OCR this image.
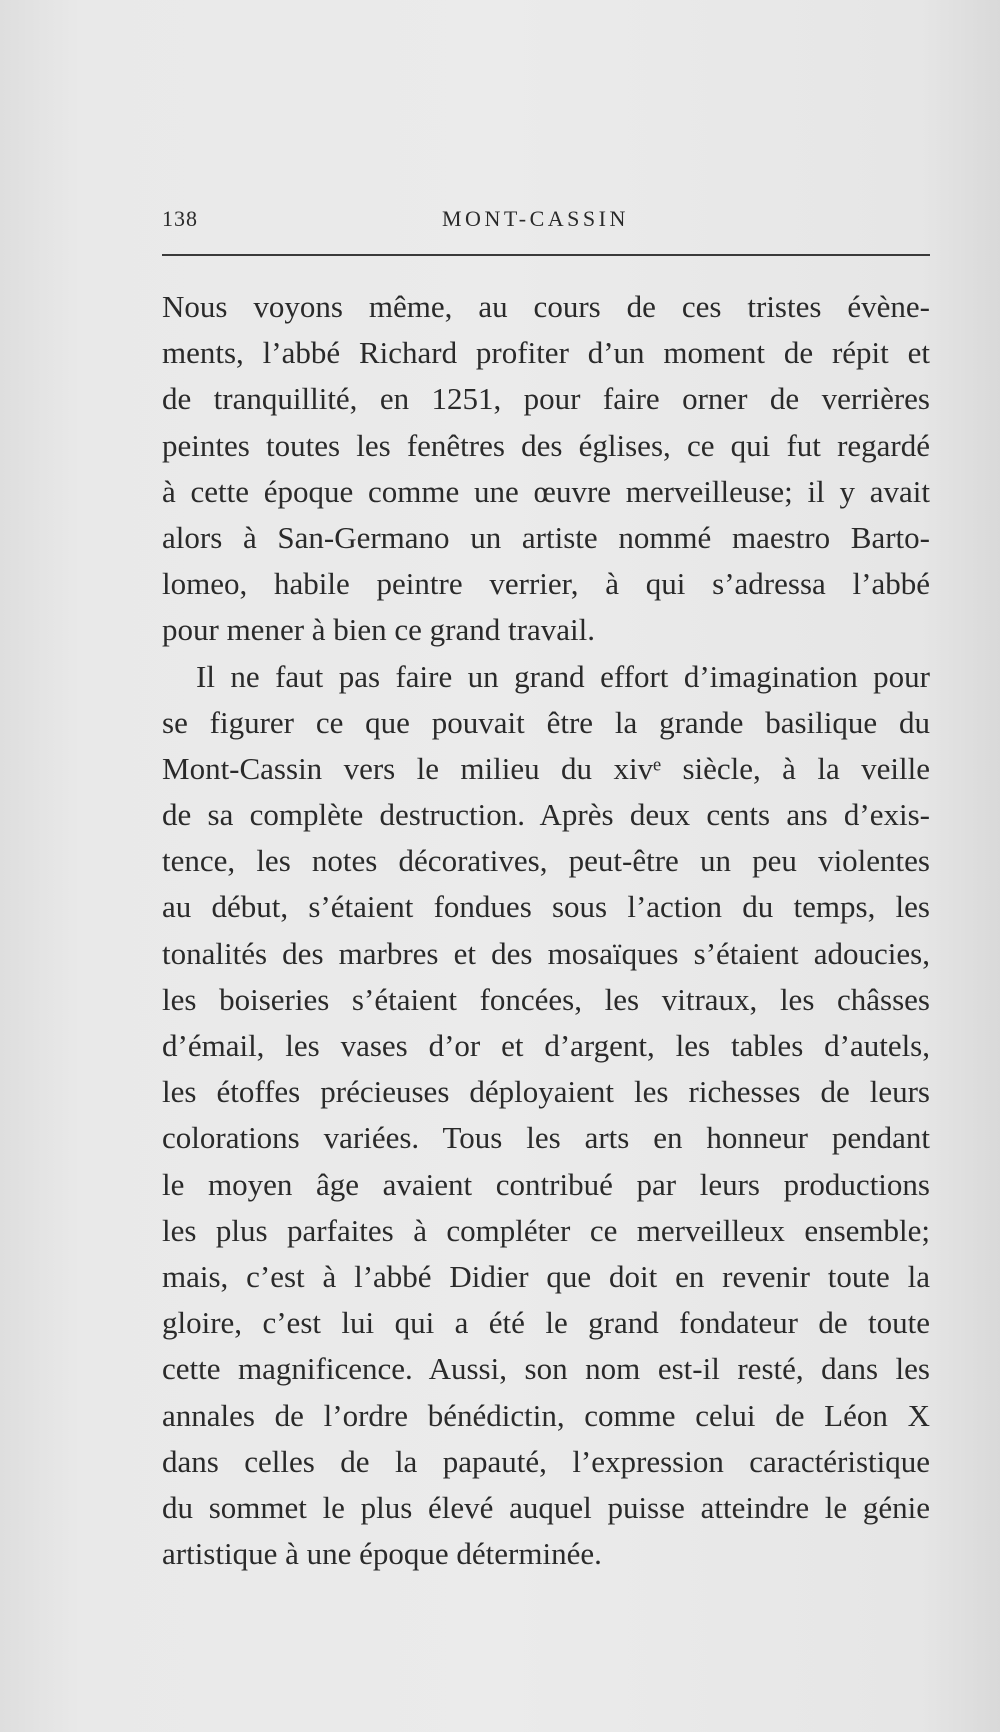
138	MONT-CASSIN
Nous voyons même, au cours de ces tristes évène-
ments, l’abbé Richard profiter d’un moment de répit et
de tranquillité, en 1251, pour faire orner de verrières
peintes toutes les fenêtres des églises, ce qui fut regardé
à cette époque comme une œuvre merveilleuse; il y avait
alors à San-Germano un artiste nommé maestro Barto-
lomeo, habile peintre verrier, à qui s’adressa l’abbé
pour mener à bien ce grand travail.
Il ne faut pas faire un grand effort d’imagination pour
se figurer ce que pouvait être la grande basilique du
Mont-Cassin vers le milieu du xivᵉ siècle, à la veille
de sa complète destruction. Après deux cents ans d’exis-
tence, les notes décoratives, peut-être un peu violentes
au début, s’étaient fondues sous l’action du temps, les
tonalités des marbres et des mosaïques s’étaient adoucies,
les boiseries s’étaient foncées, les vitraux, les châsses
d’émail, les vases d’or et d’argent, les tables d’autels,
les étoffes précieuses déployaient les richesses de leurs
colorations variées. Tous les arts en honneur pendant
le moyen âge avaient contribué par leurs productions
les plus parfaites à compléter ce merveilleux ensemble;
mais, c’est à l’abbé Didier que doit en revenir toute la
gloire, c’est lui qui a été le grand fondateur de toute
cette magnificence. Aussi, son nom est-il resté, dans les
annales de l’ordre bénédictin, comme celui de Léon X
dans celles de la papauté, l’expression caractéristique
du sommet le plus élevé auquel puisse atteindre le génie
artistique à une époque déterminée.
